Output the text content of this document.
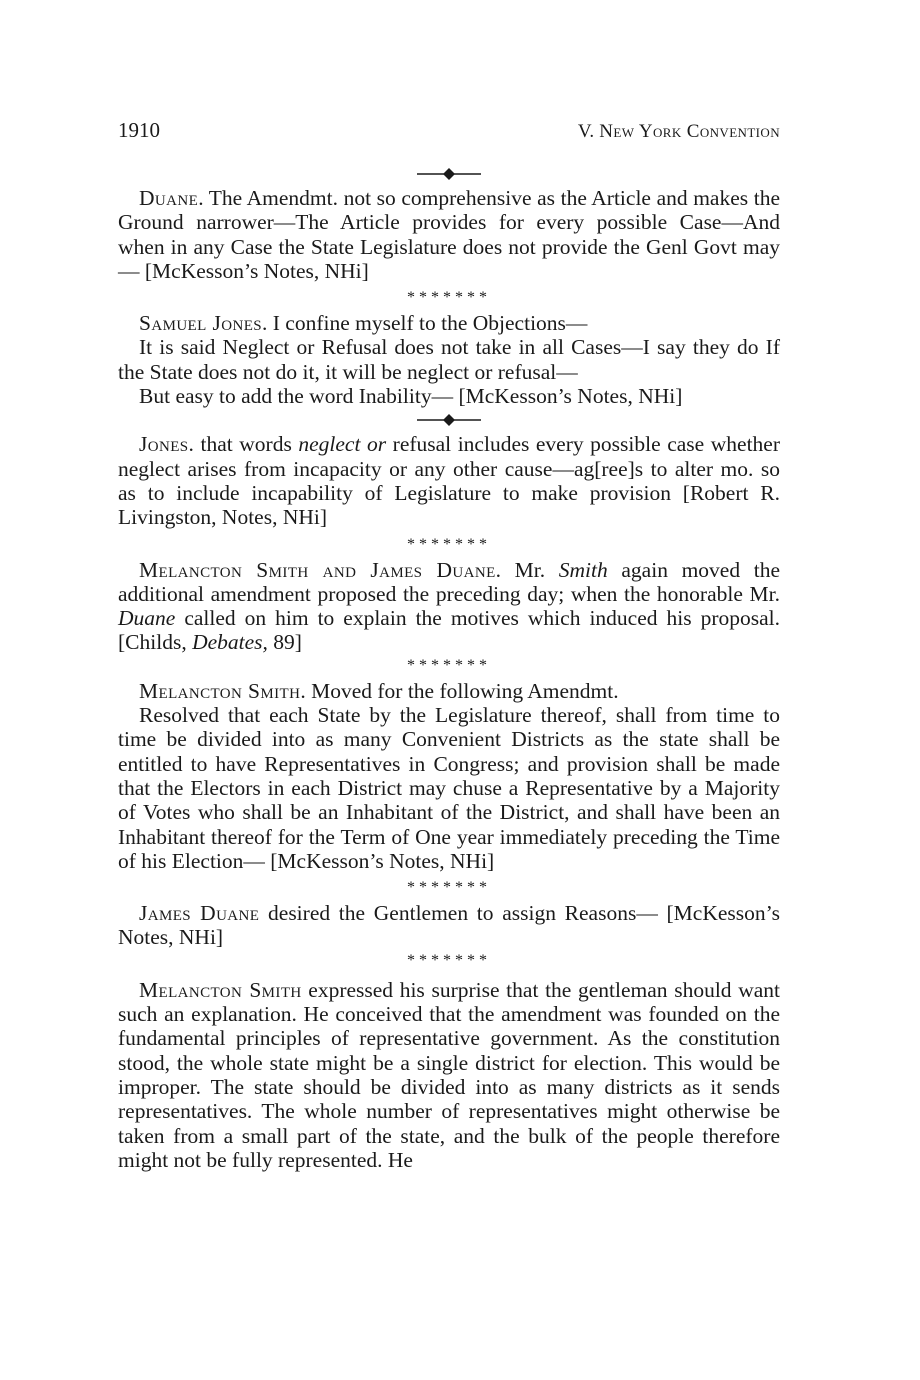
1910	V. New York Convention

Duane. The Amendmt. not so comprehensive as the Article and makes the Ground narrower—The Article provides for every possible Case—And when in any Case the State Legislature does not provide the Genl Govt may— [McKesson’s Notes, NHi]

*******

Samuel Jones. I confine myself to the Objections—

It is said Neglect or Refusal does not take in all Cases—I say they do If the State does not do it, it will be neglect or refusal—

But easy to add the word Inability— [McKesson’s Notes, NHi]

Jones. that words neglect or refusal includes every possible case whether neglect arises from incapacity or any other cause—ag[ree]s to alter mo. so as to include incapability of Legislature to make provision [Robert R. Livingston, Notes, NHi]

*******

Melancton Smith and James Duane. Mr. Smith again moved the additional amendment proposed the preceding day; when the honorable Mr. Duane called on him to explain the motives which induced his proposal. [Childs, Debates, 89]

*******

Melancton Smith. Moved for the following Amendmt.

Resolved that each State by the Legislature thereof, shall from time to time be divided into as many Convenient Districts as the state shall be entitled to have Representatives in Congress; and provision shall be made that the Electors in each District may chuse a Representative by a Majority of Votes who shall be an Inhabitant of the District, and shall have been an Inhabitant thereof for the Term of One year immediately preceding the Time of his Election— [McKesson’s Notes, NHi]

*******

James Duane desired the Gentlemen to assign Reasons— [McKesson’s Notes, NHi]

*******

Melancton Smith expressed his surprise that the gentleman should want such an explanation. He conceived that the amendment was founded on the fundamental principles of representative government. As the constitution stood, the whole state might be a single district for election. This would be improper. The state should be divided into as many districts as it sends representatives. The whole number of representatives might otherwise be taken from a small part of the state, and the bulk of the people therefore might not be fully represented. He
